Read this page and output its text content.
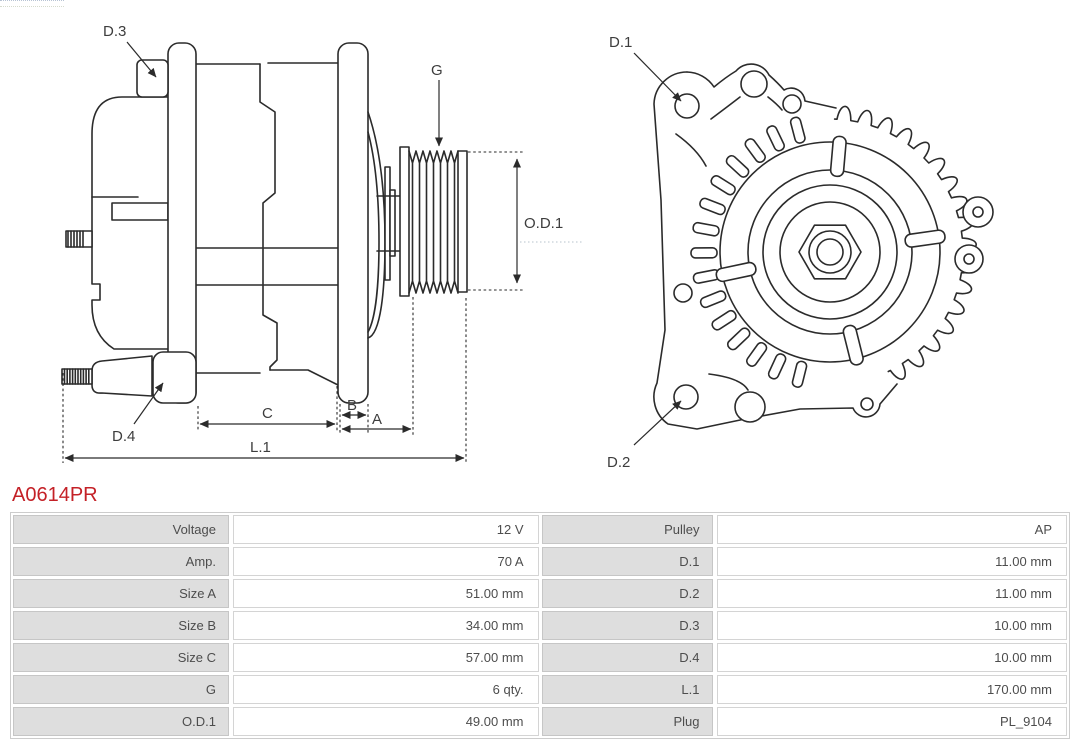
D.3
G
O.D.1
D.4
C	B
A
L.1
D.1
D.2
A0614PR
Voltage	12 V
Amp.	70 A
Size A	51.00 mm
Size B	34.00 mm
Size C	57.00 mm
G	6 qty.
O.D.1	49.00 mm
Pulley	AP
D.1	11.00 mm
D.2	11.00 mm
D.3	10.00 mm
D.4	10.00 mm
L.1	170.00 mm
Plug	PL_9104
